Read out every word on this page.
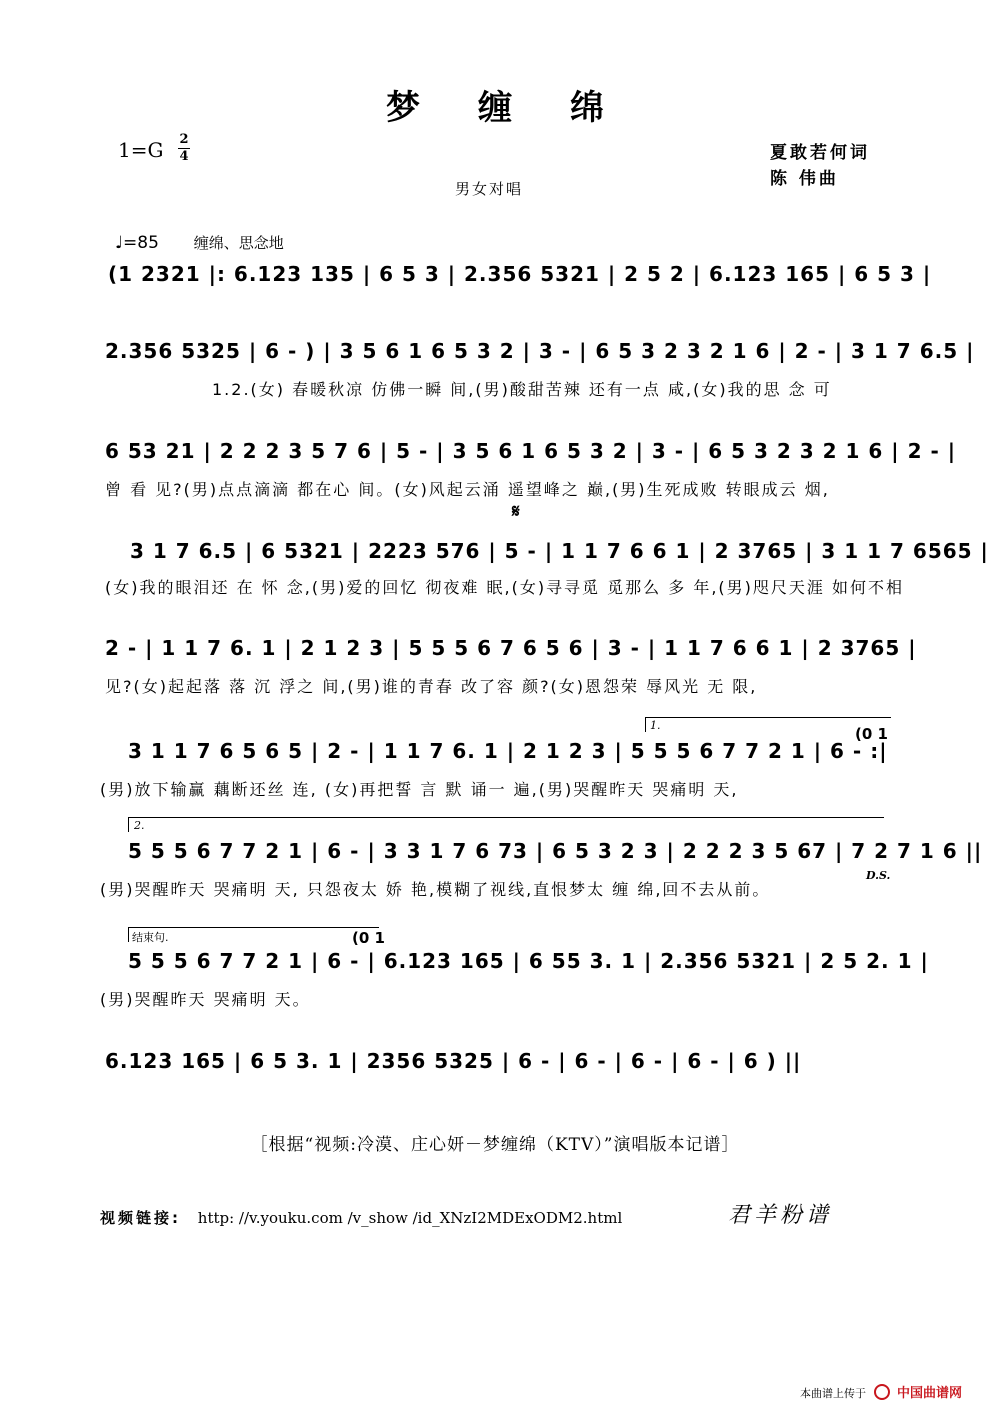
梦缠绵
1=G 2
4	夏敢若何词
陈 伟曲
男女对唱
♩=85 缠绵、思念地
(1 2321 |: 6.123 135 | 6 5 3 | 2.356 5321 | 2 5 2 | 6.123 165 | 6 5 3 |
2.356 5325 | 6 - ) | 3 5 6 1 6 5 3 2 | 3 - | 6 5 3 2 3 2 1 6 | 2 - | 3 1 7 6.5 |
1.2.(女) 春暖秋凉 仿佛一瞬 间,(男)酸甜苦辣 还有一点 咸,(女)我的思 念 可
6 53 21 | 2 2 2 3 5 7 6 | 5 - | 3 5 6 1 6 5 3 2 | 3 - | 6 5 3 2 3 2 1 6 | 2 - |
曾 看 见?(男)点点滴滴 都在心 间。(女)风起云涌 遥望峰之 巅,(男)生死成败 转眼成云 烟,
𝄋
3 1 7 6.5 | 6 5321 | 2223 576 | 5 - | 1 1 7 6 6 1 | 2 3765 | 3 1 1 7 6565 |
(女)我的眼泪还 在 怀 念,(男)爱的回忆 彻夜难 眠,(女)寻寻觅 觅那么 多 年,(男)咫尺天涯 如何不相
2 - | 1 1 7 6. 1 | 2 1 2 3 | 5 5 5 6 7 6 5 6 | 3 - | 1 1 7 6 6 1 | 2 3765 |
见?(女)起起落 落 沉 浮之 间,(男)谁的青春 改了容 颜?(女)恩怨荣 辱风光 无 限,
1.	(0 1
3 1 1 7 6 5 6 5 | 2 - | 1 1 7 6. 1 | 2 1 2 3 | 5 5 5 6 7 7 2 1 | 6 - :|
(男)放下输赢 藕断还丝 连, (女)再把誓 言 默 诵一 遍,(男)哭醒昨天 哭痛明 天,
2.
5 5 5 6 7 7 2 1 | 6 - | 3 3 1 7 6 73 | 6 5 3 2 3 | 2 2 2 3 5 67 | 7 2 7 1 6 ||
(男)哭醒昨天 哭痛明 天, 只怨夜太 娇 艳,模糊了视线,直恨梦太 缠 绵,回不去从前。
D.S.
结束句.	(0 1
5 5 5 6 7 7 2 1 | 6 - | 6.123 165 | 6 55 3. 1 | 2.356 5321 | 2 5 2. 1 |
(男)哭醒昨天 哭痛明 天。
6.123 165 | 6 5 3. 1 | 2356 5325 | 6 - | 6 - | 6 - | 6 - | 6 ) ||
［根据“视频:冷漠、庄心妍－梦缠绵（KTV）”演唱版本记谱］
视频链接: http: //v.youku.com /v_show /id_XNzI2MDExODM2.html	君羊粉谱
本曲谱上传于 中国曲谱网
